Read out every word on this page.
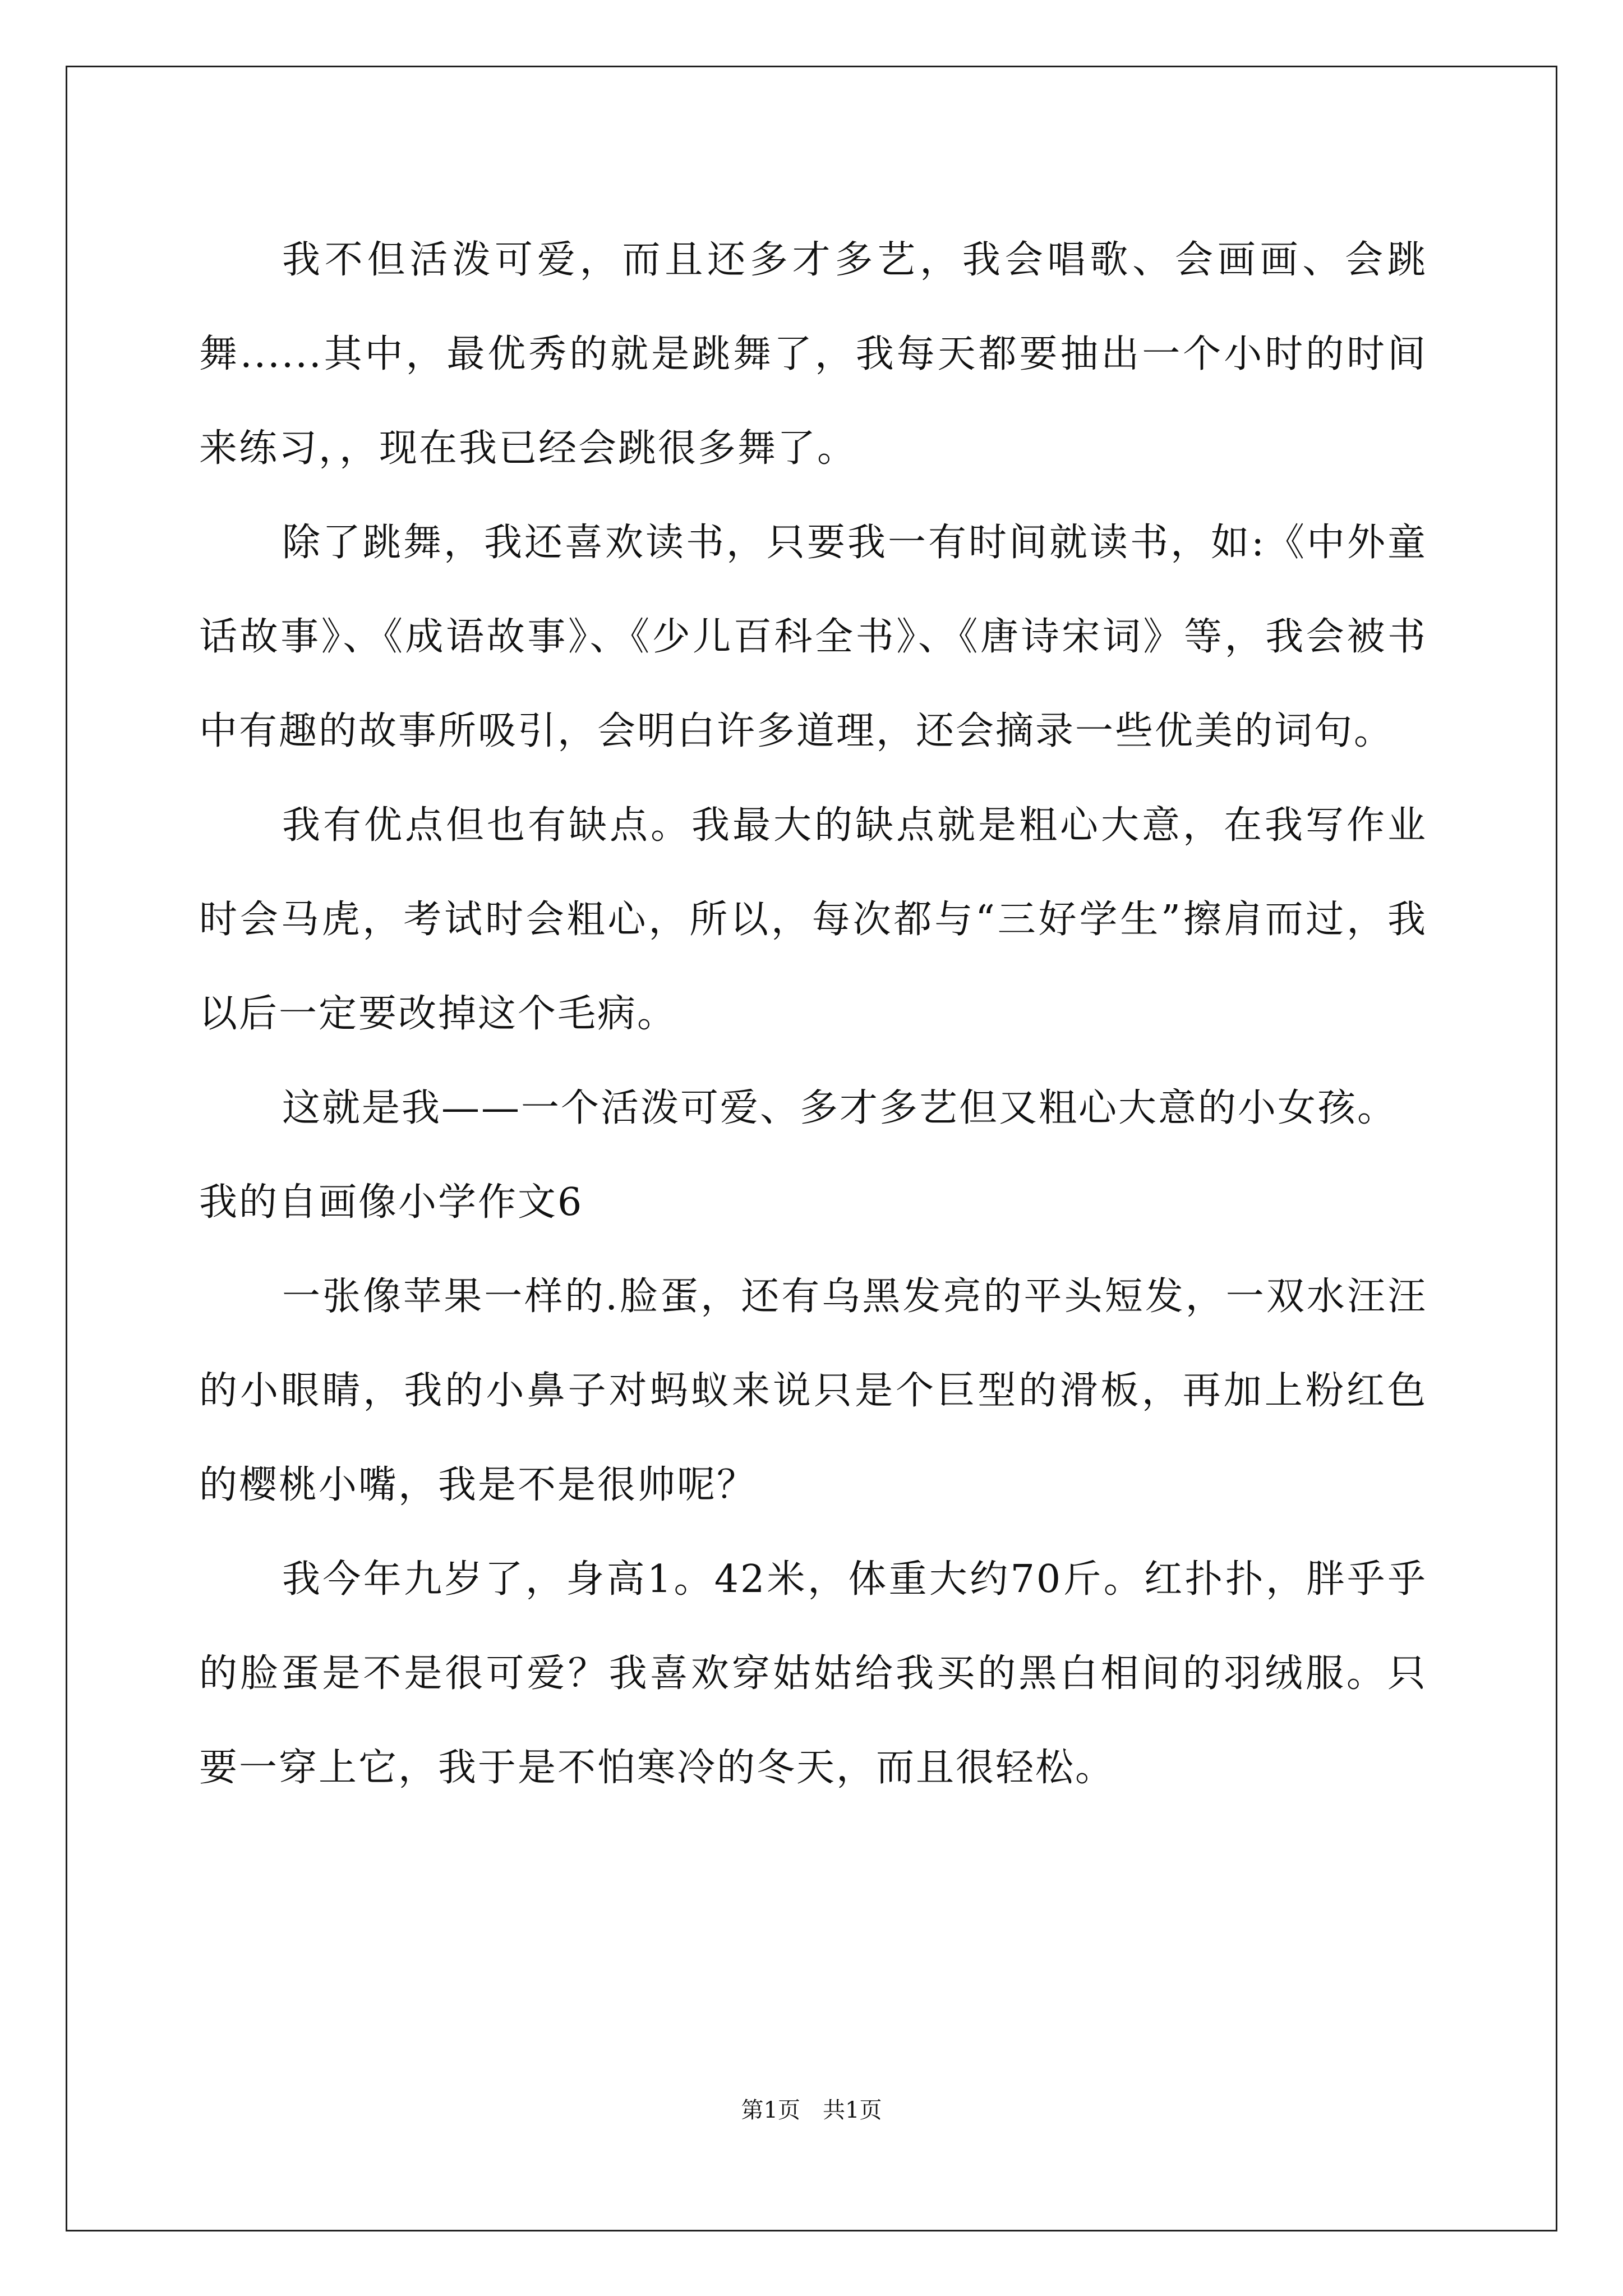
我不但活泼可爱，而且还多才多艺，我会唱歌、会画画、会跳舞......其中，最优秀的就是跳舞了，我每天都要抽出一个小时的时间来练习，，现在我已经会跳很多舞了。

除了跳舞，我还喜欢读书，只要我一有时间就读书，如:《中外童话故事》、《成语故事》、《少儿百科全书》、《唐诗宋词》等，我会被书中有趣的故事所吸引，会明白许多道理，还会摘录一些优美的词句。

我有优点但也有缺点。我最大的缺点就是粗心大意，在我写作业时会马虎，考试时会粗心，所以，每次都与“三好学生”擦肩而过，我以后一定要改掉这个毛病。

这就是我——一个活泼可爱、多才多艺但又粗心大意的小女孩。

我的自画像小学作文6

一张像苹果一样的.脸蛋，还有乌黑发亮的平头短发，一双水汪汪的小眼睛，我的小鼻子对蚂蚁来说只是个巨型的滑板，再加上粉红色的樱桃小嘴，我是不是很帅呢？

我今年九岁了，身高1。42米，体重大约70斤。红扑扑，胖乎乎的脸蛋是不是很可爱？我喜欢穿姑姑给我买的黑白相间的羽绒服。只要一穿上它，我于是不怕寒冷的冬天，而且很轻松。

第1页　共1页
